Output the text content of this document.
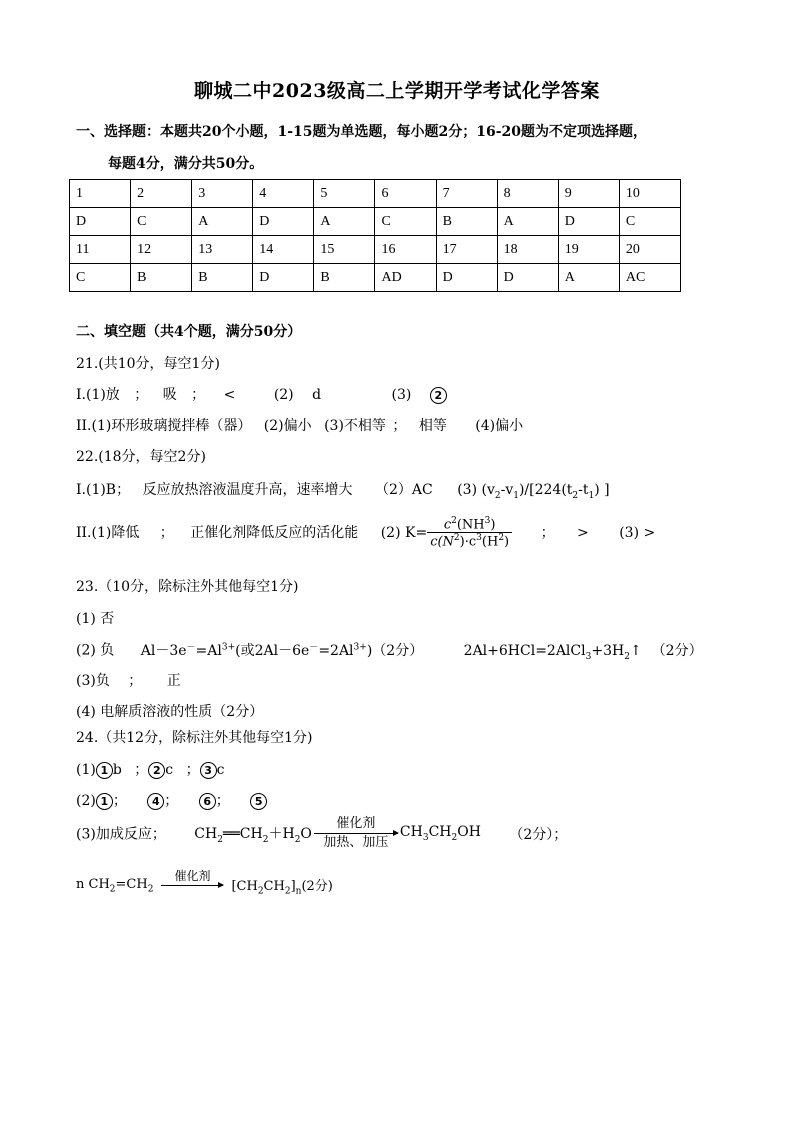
聊城二中2023级高二上学期开学考试化学答案
一、选择题：本题共20个小题，1-15题为单选题，每小题2分；16-20题为不定项选择题，
每题4分，满分共50分。
1	2	3	4	5	6	7	8	9	10
D	C	A	D	A	C	B	A	D	C
11	12	13	14	15	16	17	18	19	20
C	B	B	D	B	AD	D	D	A	AC
二、填空题（共4个题，满分50分）
21.(共10分，每空1分)
I.(1)放 ； 吸 ； <	(2) d	(3) 2
II.(1)环形玻璃搅拌棒（器） (2)偏小 (3)不相等 ； 相等 (4)偏小
22.(18分，每空2分)
I.(1)B； 反应放热溶液温度升高，速率增大 （2）AC (3) $(v_2-v_1)/[224(t_2-t_1)$ ]
II.(1)降低 ； 正催化剂降低反应的活化能 (2) $K= \frac{c^2(NH^3)}{c(N^2)\cdot c^3(H^2)}$ ； > (3) >
23.（10分，除标注外其他每空1分)
(1) 否
(2) 负 $Al-3e^-=Al^{3+}$(或$2Al-6e^-=2Al^{3+})(2$分）	$2Al+6HCl=2AlCl_3+3H_2↑$ （2分）
(3)负 ； 正
(4) 电解质溶液的性质（2分）
24.（共12分，除标注外其他每空1分)
(1) 1 b ； 2 c ； 3 c
(2) 1 ； 4 ； 6 ； 5
(3)加成反应； $CH_2══CH_2+H_2O$
催化剂
加热、加压
$CH_3CH_2OH$ （2分）；
n $CH_2=CH_2$
催化剂

$[CH_2CH_2]_n(2$分)
